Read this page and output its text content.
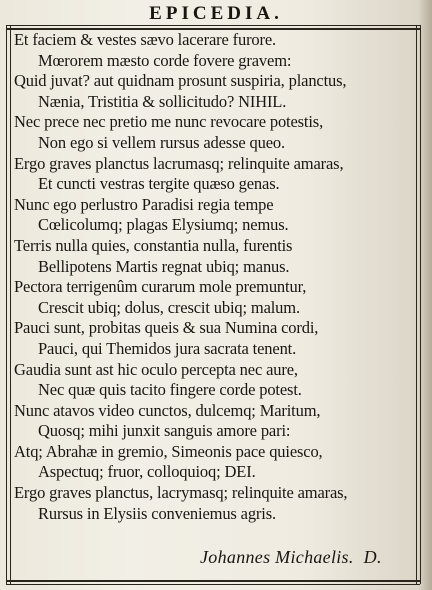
EPICEDIA.
Et faciem & vestes sævo lacerare furore.
Mœrorem mæsto corde fovere gravem:
Quid juvat? aut quidnam prosunt suspiria, planctus,
Nænia, Tristitia & sollicitudo? NIHIL.
Nec prece nec pretio me nunc revocare potestis,
Non ego si vellem rursus adesse queo.
Ergo graves planctus lacrumasq; relinquite amaras,
Et cuncti vestras tergite quæso genas.
Nunc ego perlustro Paradisi regia tempe
Cœlicolumq; plagas Elysiumq; nemus.
Terris nulla quies, constantia nulla, furentis
Bellipotens Martis regnat ubiq; manus.
Pectora terrigenûm curarum mole premuntur,
Crescit ubiq; dolus, crescit ubiq; malum.
Pauci sunt, probitas queis & sua Numina cordi,
Pauci, qui Themidos jura sacrata tenent.
Gaudia sunt ast hic oculo percepta nec aure,
Nec quæ quis tacito fingere corde potest.
Nunc atavos video cunctos, dulcemq; Maritum,
Quosq; mihi junxit sanguis amore pari:
Atq; Abrahæ in gremio, Simeonis pace quiesco,
Aspectuq; fruor, colloquioq; DEI.
Ergo graves planctus, lacrymasq; relinquite amaras,
Rursus in Elysiis conveniemus agris.
Johannes Michaelis. D.
